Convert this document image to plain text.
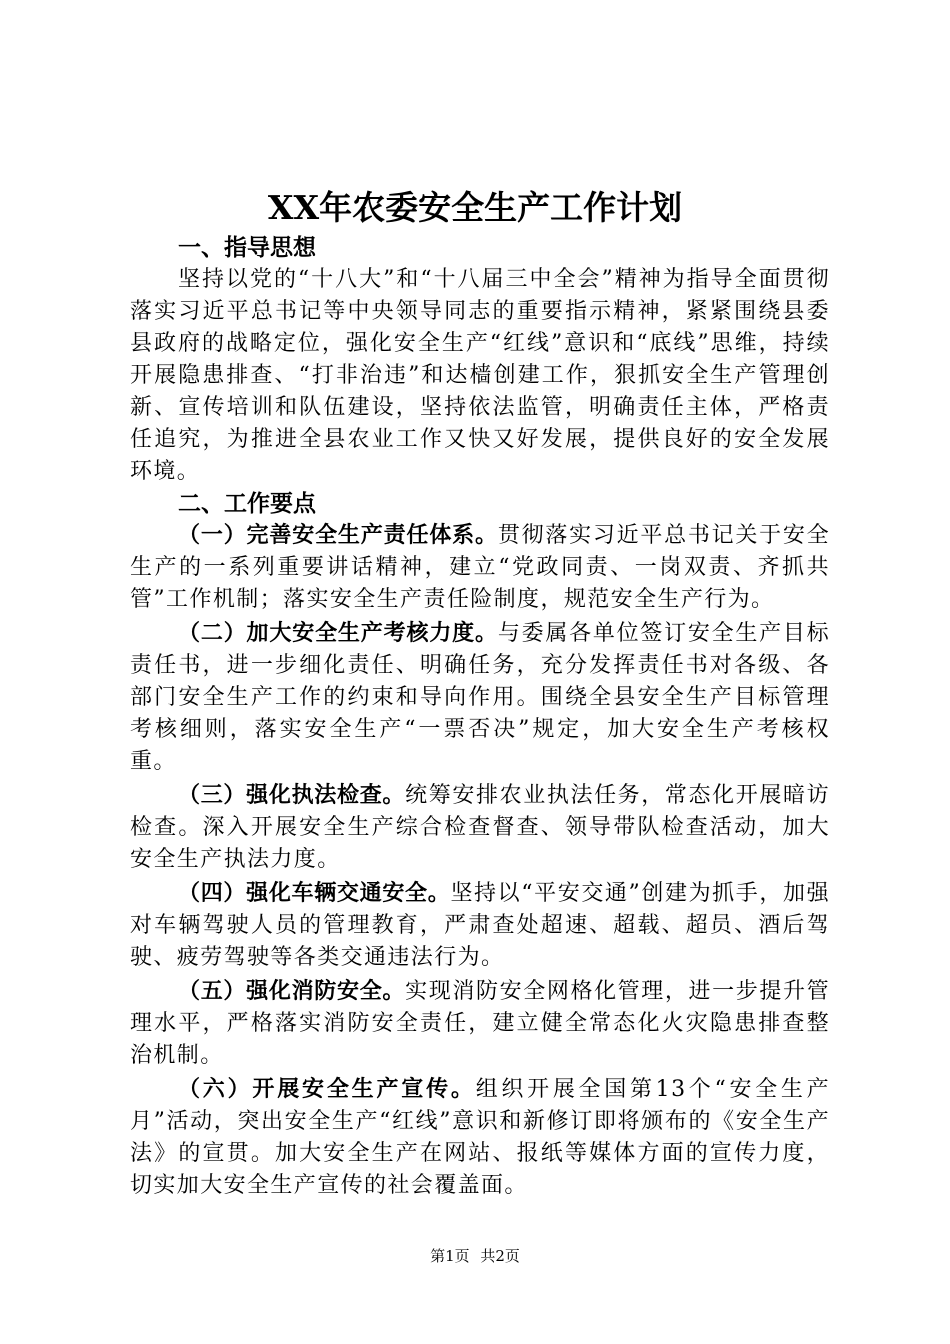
XX年农委安全生产工作计划

一、指导思想

坚持以党的“十八大”和“十八届三中全会”精神为指导全面贯彻落实习近平总书记等中央领导同志的重要指示精神，紧紧围绕县委县政府的战略定位，强化安全生产“红线”意识和“底线”思维，持续开展隐患排查、“打非治违”和达樯创建工作，狠抓安全生产管理创新、宣传培训和队伍建设，坚持依法监管，明确责任主体，严格责任追究，为推进全县农业工作又快又好发展，提供良好的安全发展环境。

二、工作要点

（一）完善安全生产责任体系。贯彻落实习近平总书记关于安全生产的一系列重要讲话精神，建立“党政同责、一岗双责、齐抓共管”工作机制；落实安全生产责任险制度，规范安全生产行为。

（二）加大安全生产考核力度。与委属各单位签订安全生产目标责任书，进一步细化责任、明确任务，充分发挥责任书对各级、各部门安全生产工作的约束和导向作用。围绕全县安全生产目标管理考核细则，落实安全生产“一票否决”规定，加大安全生产考核权重。

（三）强化执法检查。统筹安排农业执法任务，常态化开展暗访检查。深入开展安全生产综合检查督查、领导带队检查活动，加大安全生产执法力度。

（四）强化车辆交通安全。坚持以“平安交通”创建为抓手，加强对车辆驾驶人员的管理教育，严肃查处超速、超载、超员、酒后驾驶、疲劳驾驶等各类交通违法行为。

（五）强化消防安全。实现消防安全网格化管理，进一步提升管理水平，严格落实消防安全责任，建立健全常态化火灾隐患排查整治机制。

（六）开展安全生产宣传。组织开展全国第13个“安全生产月”活动，突出安全生产“红线”意识和新修订即将颁布的《安全生产法》的宣贯。加大安全生产在网站、报纸等媒体方面的宣传力度，切实加大安全生产宣传的社会覆盖面。

第1页 共2页
